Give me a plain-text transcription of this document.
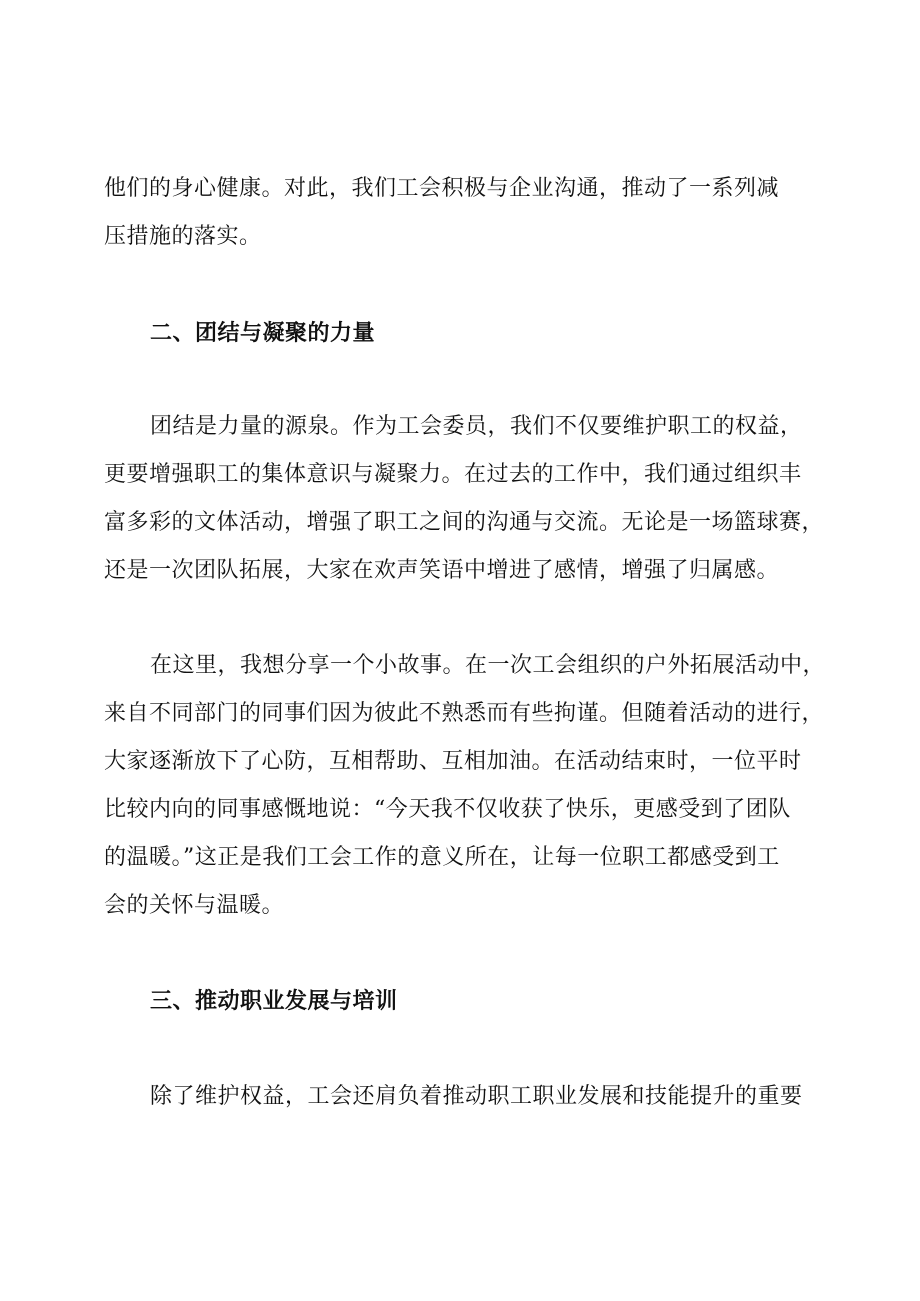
他们的身心健康。对此，我们工会积极与企业沟通，推动了一系列减
压措施的落实。
二、团结与凝聚的力量
团结是力量的源泉。作为工会委员，我们不仅要维护职工的权益，
更要增强职工的集体意识与凝聚力。在过去的工作中，我们通过组织丰
富多彩的文体活动，增强了职工之间的沟通与交流。无论是一场篮球赛，
还是一次团队拓展，大家在欢声笑语中增进了感情，增强了归属感。
在这里，我想分享一个小故事。在一次工会组织的户外拓展活动中，
来自不同部门的同事们因为彼此不熟悉而有些拘谨。但随着活动的进行，
大家逐渐放下了心防，互相帮助、互相加油。在活动结束时，一位平时
比较内向的同事感慨地说：“今天我不仅收获了快乐，更感受到了团队
的温暖。”这正是我们工会工作的意义所在，让每一位职工都感受到工
会的关怀与温暖。
三、推动职业发展与培训
除了维护权益，工会还肩负着推动职工职业发展和技能提升的重要
